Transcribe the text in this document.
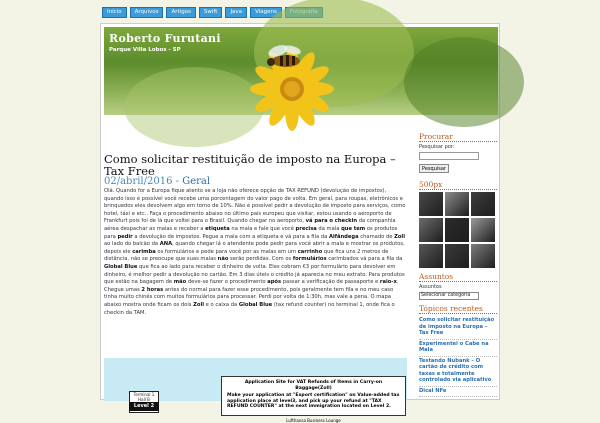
Início	Arquivos	Artigos	Swift	Java	Viagens
Roberto Furutani
Parque Villa Lobos - SP
Como solicitar restituição de imposto na Europa – Tax Free
02/abril/2016 - Geral
Olá. Quando for a Europa fique atento se a loja não oferece opção de TAX REFUND (devolução de impostos), quando isso é possível você recebe uma porcentagem do valor pago de volta. Em geral, para roupas, eletrônicos e brinquedos eles devolvem algo em torno de 10%. Não é possível pedir a devolução de imposto para serviços, como hotel, táxi e etc.. Faça o procedimento abaixo no último país europeu que visitar, estou usando o aeroporto de Frankfurt pois foi de lá que voltei para o Brasil. Quando chegar no aeroporto, vá para o checkin da companhia aérea despachar as malas e receber a etiqueta na mala e fale que você precisa da mala que tem os produtos para pedir a devolução de impostos. Pegue a mala com a etiqueta e vá para a fila da Alfândega chamado de Zoll ao lado do balcão da ANA, quando chegar lá o atendente pode pedir para você abrir a mala e mostrar os produtos, depois ele carimba os formulários e pede para você por as malas em um carrinho que fica uns 2 metros de distância, não se preocupe que suas malas não serão perdidas. Com os formulários carimbados vá para a fila da Global Blue que fica ao lado para receber o dinheiro de volta. Eles cobram €3 por formulário para devolver em dinheiro, é melhor pedir a devolução no cartão. Em 3 dias úteis o crédito já aparecia no meu extrato. Para produtos que estão na bagagem de mão deve-se fazer o procedimento após passar a verificação de passaporte e raio-x. Chegue umas 2 horas antes do normal para fazer esse procedimento, pois geralmente tem fila e no meu caso tinha muito chinês com muitos formulários para processar. Perdi por volta de 1:30h, mas vale a pena. O mapa abaixo mostra onde ficam os dois Zoll e o caixa da Global Blue (tax refund counter) no terminal 1, onde fica o checkin da TAM.
Application Site for VAT Refunds of Items in Carry-on Baggage(Zoll)
Make your application at "Export certification" on Value-added tax application place at level3, and pick up your refund at "TAX REFUND COUNTER" at the next immigration located on Level 2.
Terminal 1 Hall B
Level 2
Lufthansa Business Lounge
Procurar
Pesquisar por:
Pesquisar
500px
Assuntos
Assuntos
Selecionar categoria
Tópicos recentes
Como solicitar restituição de imposto na Europa – Tax Free
Experimentei o Cabe na Mala
Testando Nubank – O cartão de crédito com taxas e totalmente controlado via aplicativo
Dical NFe
